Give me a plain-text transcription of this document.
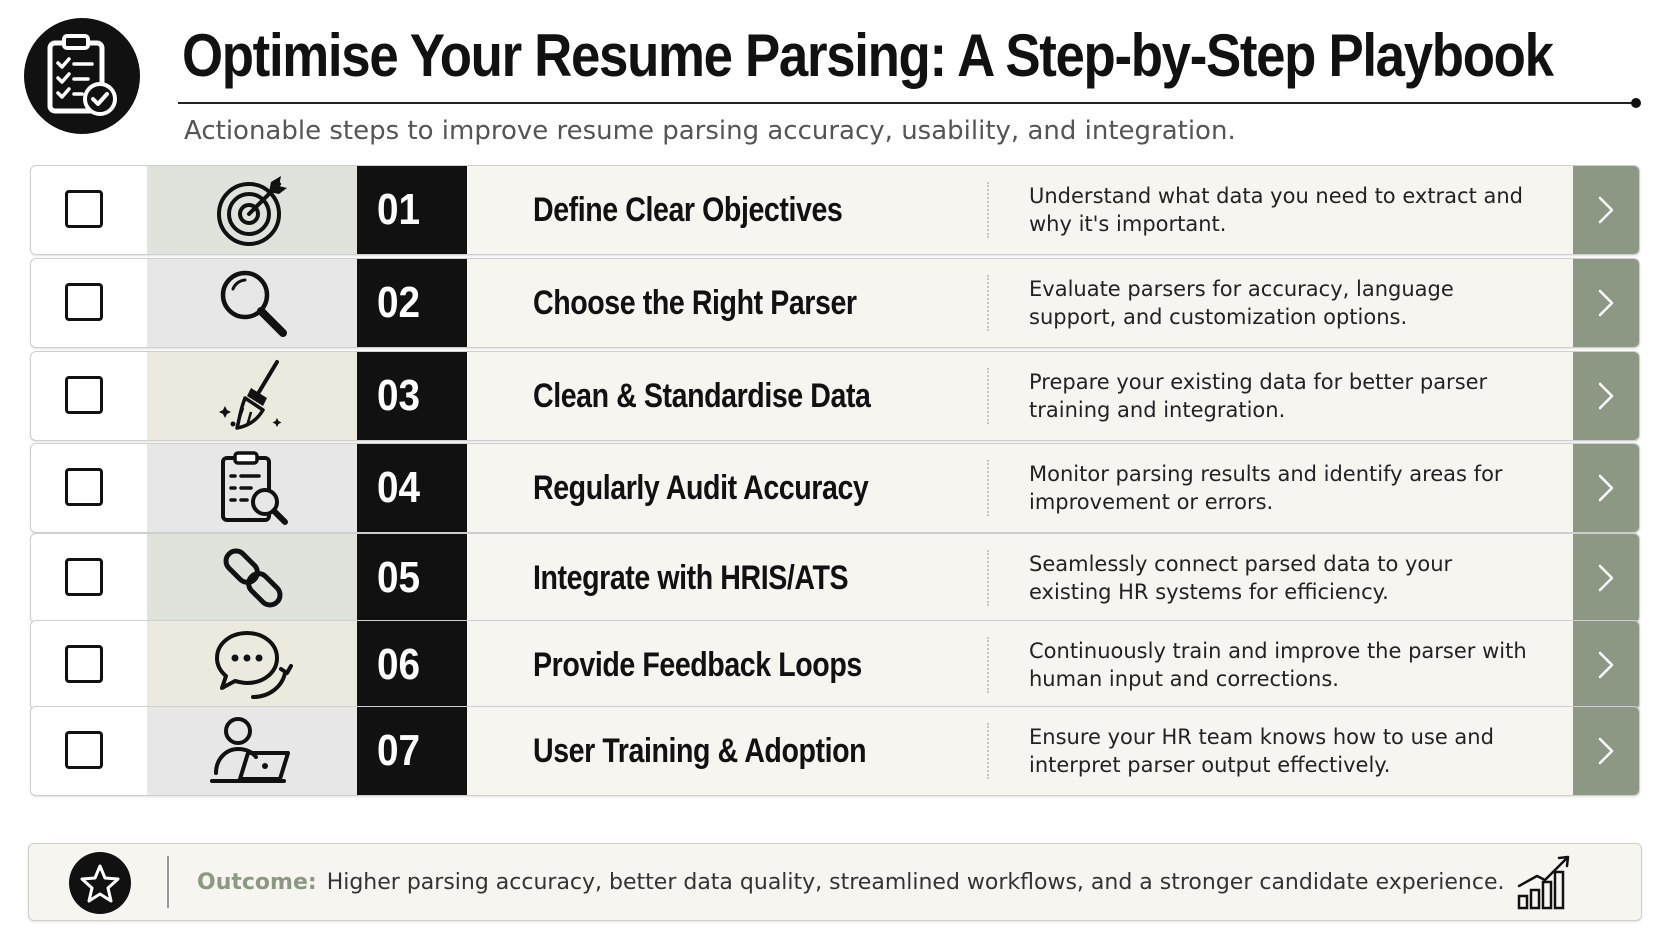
Optimise Your Resume Parsing: A Step-by-Step Playbook
Actionable steps to improve resume parsing accuracy, usability, and integration.
01	Define Clear Objectives	Understand what data you need to extract and why it's important.
02	Choose the Right Parser	Evaluate parsers for accuracy, language support, and customization options.
03	Clean & Standardise Data	Prepare your existing data for better parser training and integration.
04	Regularly Audit Accuracy	Monitor parsing results and identify areas for improvement or errors.
05	Integrate with HRIS/ATS	Seamlessly connect parsed data to your existing HR systems for efficiency.
06	Provide Feedback Loops	Continuously train and improve the parser with human input and corrections.
07	User Training & Adoption	Ensure your HR team knows how to use and interpret parser output effectively.
Outcome: Higher parsing accuracy, better data quality, streamlined workflows, and a stronger candidate experience.
